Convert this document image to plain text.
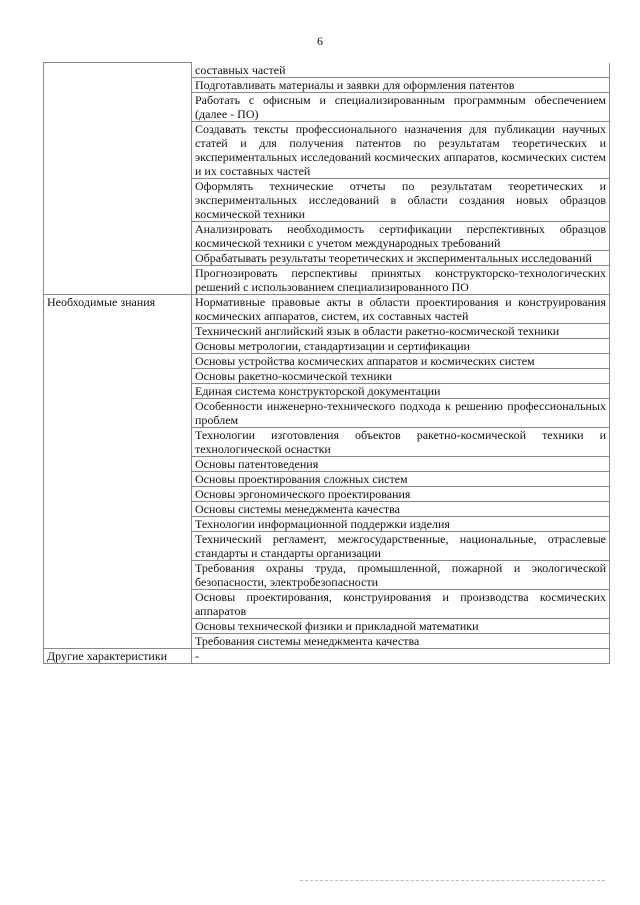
6
	составных частей
	Подготавливать материалы и заявки для оформления патентов
	Работать с офисным и специализированным программным обеспечением (далее - ПО)
	Создавать тексты профессионального назначения для публикации научных статей и для получения патентов по результатам теоретических и экспериментальных исследований космических аппаратов, космических систем и их составных частей
	Оформлять технические отчеты по результатам теоретических и экспериментальных исследований в области создания новых образцов космической техники
	Анализировать необходимость сертификации перспективных образцов космической техники с учетом международных требований
	Обрабатывать результаты теоретических и экспериментальных исследований
	Прогнозировать перспективы принятых конструкторско-технологических решений с использованием специализированного ПО
Необходимые знания	Нормативные правовые акты в области проектирования и конструирования космических аппаратов, систем, их составных частей
	Технический английский язык в области ракетно-космической техники
	Основы метрологии, стандартизации и сертификации
	Основы устройства космических аппаратов и космических систем
	Основы ракетно-космической техники
	Единая система конструкторской документации
	Особенности инженерно-технического подхода к решению профессиональных проблем
	Технологии изготовления объектов ракетно-космической техники и технологической оснастки
	Основы патентоведения
	Основы проектирования сложных систем
	Основы эргономического проектирования
	Основы системы менеджмента качества
	Технологии информационной поддержки изделия
	Технический регламент, межгосударственные, национальные, отраслевые стандарты и стандарты организации
	Требования охраны труда, промышленной, пожарной и экологической безопасности, электробезопасности
	Основы проектирования, конструирования и производства космических аппаратов
	Основы технической физики и прикладной математики
	Требования системы менеджмента качества
Другие характеристики	-
